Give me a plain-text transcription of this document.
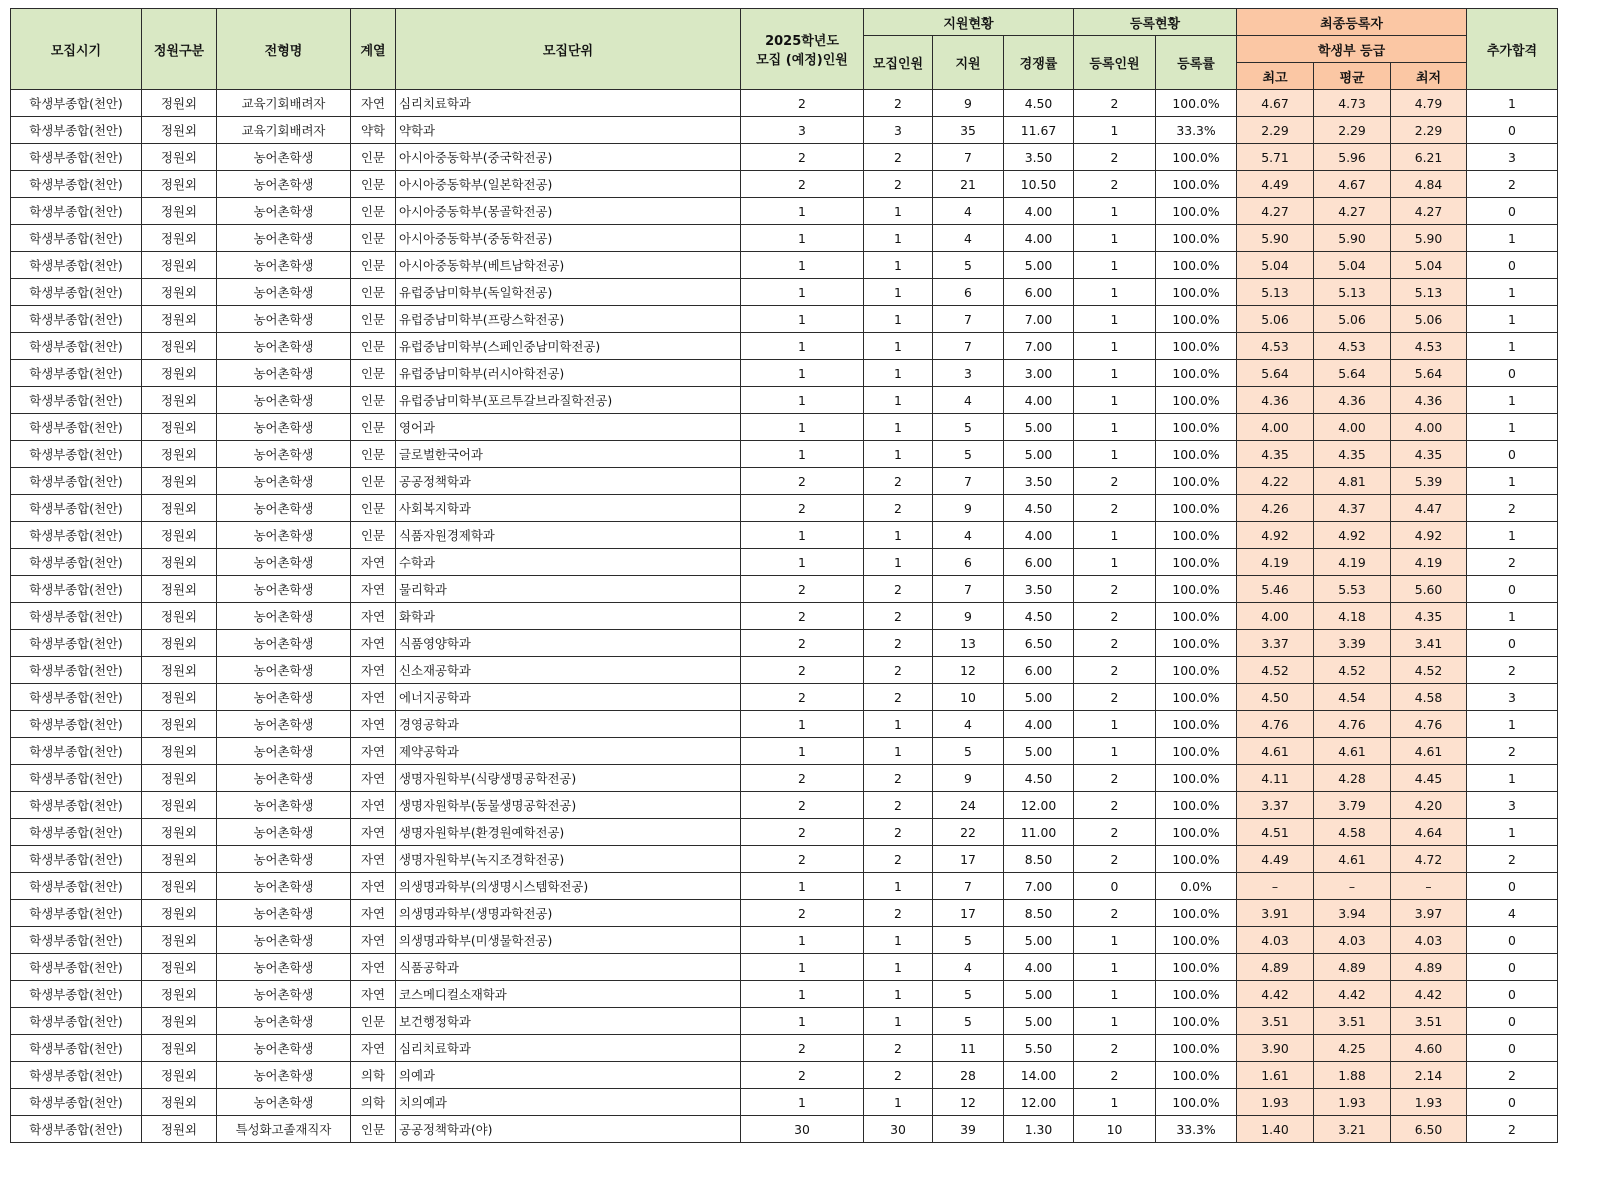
모집시기	정원구분	전형명	계열	모집단위	2025학년도
모집 (예정)인원	지원현황			등록현황		최종등록자			추가합격
						모집인원	지원	경쟁률	등록인원	등록률	학생부 등급			
											최고	평균	최저	
학생부종합(천안)	정원외	교육기회배려자	자연	심리치료학과	2	2	9	4.50	2	100.0%	4.67	4.73	4.79	1
학생부종합(천안)	정원외	교육기회배려자	약학	약학과	3	3	35	11.67	1	33.3%	2.29	2.29	2.29	0
학생부종합(천안)	정원외	농어촌학생	인문	아시아중동학부(중국학전공)	2	2	7	3.50	2	100.0%	5.71	5.96	6.21	3
학생부종합(천안)	정원외	농어촌학생	인문	아시아중동학부(일본학전공)	2	2	21	10.50	2	100.0%	4.49	4.67	4.84	2
학생부종합(천안)	정원외	농어촌학생	인문	아시아중동학부(몽골학전공)	1	1	4	4.00	1	100.0%	4.27	4.27	4.27	0
학생부종합(천안)	정원외	농어촌학생	인문	아시아중동학부(중동학전공)	1	1	4	4.00	1	100.0%	5.90	5.90	5.90	1
학생부종합(천안)	정원외	농어촌학생	인문	아시아중동학부(베트남학전공)	1	1	5	5.00	1	100.0%	5.04	5.04	5.04	0
학생부종합(천안)	정원외	농어촌학생	인문	유럽중남미학부(독일학전공)	1	1	6	6.00	1	100.0%	5.13	5.13	5.13	1
학생부종합(천안)	정원외	농어촌학생	인문	유럽중남미학부(프랑스학전공)	1	1	7	7.00	1	100.0%	5.06	5.06	5.06	1
학생부종합(천안)	정원외	농어촌학생	인문	유럽중남미학부(스페인중남미학전공)	1	1	7	7.00	1	100.0%	4.53	4.53	4.53	1
학생부종합(천안)	정원외	농어촌학생	인문	유럽중남미학부(러시아학전공)	1	1	3	3.00	1	100.0%	5.64	5.64	5.64	0
학생부종합(천안)	정원외	농어촌학생	인문	유럽중남미학부(포르투갈브라질학전공)	1	1	4	4.00	1	100.0%	4.36	4.36	4.36	1
학생부종합(천안)	정원외	농어촌학생	인문	영어과	1	1	5	5.00	1	100.0%	4.00	4.00	4.00	1
학생부종합(천안)	정원외	농어촌학생	인문	글로벌한국어과	1	1	5	5.00	1	100.0%	4.35	4.35	4.35	0
학생부종합(천안)	정원외	농어촌학생	인문	공공정책학과	2	2	7	3.50	2	100.0%	4.22	4.81	5.39	1
학생부종합(천안)	정원외	농어촌학생	인문	사회복지학과	2	2	9	4.50	2	100.0%	4.26	4.37	4.47	2
학생부종합(천안)	정원외	농어촌학생	인문	식품자원경제학과	1	1	4	4.00	1	100.0%	4.92	4.92	4.92	1
학생부종합(천안)	정원외	농어촌학생	자연	수학과	1	1	6	6.00	1	100.0%	4.19	4.19	4.19	2
학생부종합(천안)	정원외	농어촌학생	자연	물리학과	2	2	7	3.50	2	100.0%	5.46	5.53	5.60	0
학생부종합(천안)	정원외	농어촌학생	자연	화학과	2	2	9	4.50	2	100.0%	4.00	4.18	4.35	1
학생부종합(천안)	정원외	농어촌학생	자연	식품영양학과	2	2	13	6.50	2	100.0%	3.37	3.39	3.41	0
학생부종합(천안)	정원외	농어촌학생	자연	신소재공학과	2	2	12	6.00	2	100.0%	4.52	4.52	4.52	2
학생부종합(천안)	정원외	농어촌학생	자연	에너지공학과	2	2	10	5.00	2	100.0%	4.50	4.54	4.58	3
학생부종합(천안)	정원외	농어촌학생	자연	경영공학과	1	1	4	4.00	1	100.0%	4.76	4.76	4.76	1
학생부종합(천안)	정원외	농어촌학생	자연	제약공학과	1	1	5	5.00	1	100.0%	4.61	4.61	4.61	2
학생부종합(천안)	정원외	농어촌학생	자연	생명자원학부(식량생명공학전공)	2	2	9	4.50	2	100.0%	4.11	4.28	4.45	1
학생부종합(천안)	정원외	농어촌학생	자연	생명자원학부(동물생명공학전공)	2	2	24	12.00	2	100.0%	3.37	3.79	4.20	3
학생부종합(천안)	정원외	농어촌학생	자연	생명자원학부(환경원예학전공)	2	2	22	11.00	2	100.0%	4.51	4.58	4.64	1
학생부종합(천안)	정원외	농어촌학생	자연	생명자원학부(녹지조경학전공)	2	2	17	8.50	2	100.0%	4.49	4.61	4.72	2
학생부종합(천안)	정원외	농어촌학생	자연	의생명과학부(의생명시스템학전공)	1	1	7	7.00	0	0.0%	–	–	–	0
학생부종합(천안)	정원외	농어촌학생	자연	의생명과학부(생명과학전공)	2	2	17	8.50	2	100.0%	3.91	3.94	3.97	4
학생부종합(천안)	정원외	농어촌학생	자연	의생명과학부(미생물학전공)	1	1	5	5.00	1	100.0%	4.03	4.03	4.03	0
학생부종합(천안)	정원외	농어촌학생	자연	식품공학과	1	1	4	4.00	1	100.0%	4.89	4.89	4.89	0
학생부종합(천안)	정원외	농어촌학생	자연	코스메디컬소재학과	1	1	5	5.00	1	100.0%	4.42	4.42	4.42	0
학생부종합(천안)	정원외	농어촌학생	인문	보건행정학과	1	1	5	5.00	1	100.0%	3.51	3.51	3.51	0
학생부종합(천안)	정원외	농어촌학생	자연	심리치료학과	2	2	11	5.50	2	100.0%	3.90	4.25	4.60	0
학생부종합(천안)	정원외	농어촌학생	의학	의예과	2	2	28	14.00	2	100.0%	1.61	1.88	2.14	2
학생부종합(천안)	정원외	농어촌학생	의학	치의예과	1	1	12	12.00	1	100.0%	1.93	1.93	1.93	0
학생부종합(천안)	정원외	특성화고졸재직자	인문	공공정책학과(야)	30	30	39	1.30	10	33.3%	1.40	3.21	6.50	2
